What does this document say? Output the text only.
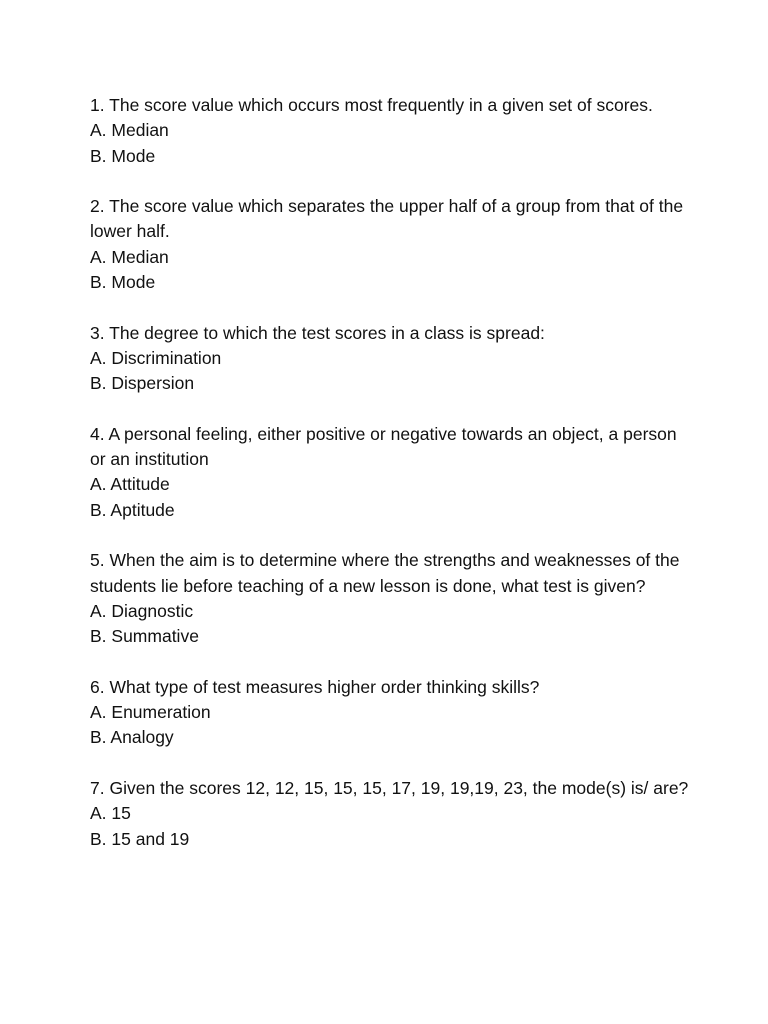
1. The score value which occurs most frequently in a given set of scores.
A. Median
B. Mode
2. The score value which separates the upper half of a group from that of the lower half.
A. Median
B. Mode
3. The degree to which the test scores in a class is spread:
A. Discrimination
B. Dispersion
4. A personal feeling, either positive or negative towards an object, a person or an institution
A. Attitude
B. Aptitude
5. When the aim is to determine where the strengths and weaknesses of the students lie before teaching of a new lesson is done, what test is given?
A. Diagnostic
B. Summative
6. What type of test measures higher order thinking skills?
A. Enumeration
B. Analogy
7. Given the scores 12, 12, 15, 15, 15, 17, 19, 19,19, 23, the mode(s) is/ are?
A. 15
B. 15 and 19
